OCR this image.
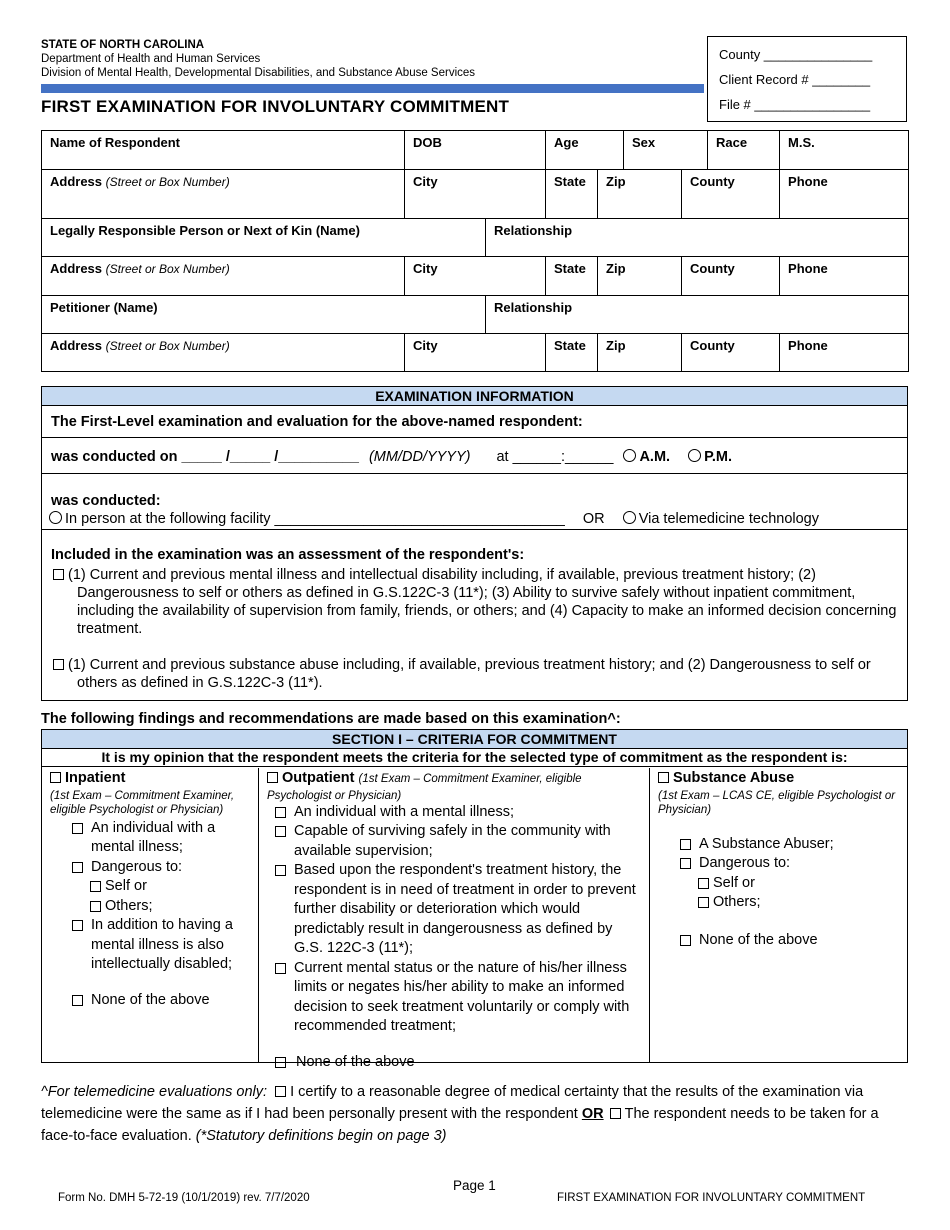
STATE OF NORTH CAROLINA
Department of Health and Human Services
Division of Mental Health, Developmental Disabilities, and Substance Abuse Services
FIRST EXAMINATION FOR INVOLUNTARY COMMITMENT
County _______________
Client Record # ________
File # ________________
Name of Respondent	DOB		Age		Sex		Race	M.S.
Address (Street or Box Number)	City		State	Zip		County		Phone
Legally Responsible Person or Next of Kin (Name)		Relationship						
Address (Street or Box Number)	City		State	Zip		County		Phone
Petitioner (Name)		Relationship						
Address (Street or Box Number)	City		State	Zip		County		Phone
EXAMINATION INFORMATION
The First-Level examination and evaluation for the above-named respondent:
was conducted on _____ /_____ /__________ (MM/DD/YYYY) at ______:______ A.M. P.M.
was conducted:
In person at the following facility ____________________________________ OR Via telemedicine technology
Included in the examination was an assessment of the respondent's:
(1) Current and previous mental illness and intellectual disability including, if available, previous treatment history; (2) Dangerousness to self or others as defined in G.S.122C-3 (11*); (3) Ability to survive safely without inpatient commitment, including the availability of supervision from family, friends, or others; and (4) Capacity to make an informed decision concerning treatment.
(1) Current and previous substance abuse including, if available, previous treatment history; and (2) Dangerousness to self or others as defined in G.S.122C-3 (11*).
The following findings and recommendations are made based on this examination^:
SECTION I – CRITERIA FOR COMMITMENT
It is my opinion that the respondent meets the criteria for the selected type of commitment as the respondent is:
Inpatient
(1st Exam – Commitment Examiner, eligible Psychologist or Physician)
An individual with a mental illness;
Dangerous to:
Self or
Others;
In addition to having a mental illness is also intellectually disabled;
None of the above
Outpatient (1st Exam – Commitment Examiner, eligible
Psychologist or Physician)
An individual with a mental illness;
Capable of surviving safely in the community with available supervision;
Based upon the respondent's treatment history, the respondent is in need of treatment in order to prevent further disability or deterioration which would predictably result in dangerousness as defined by G.S. 122C-3 (11*);
Current mental status or the nature of his/her illness limits or negates his/her ability to make an informed decision to seek treatment voluntarily or comply with recommended treatment;
None of the above
Substance Abuse
(1st Exam – LCAS CE, eligible Psychologist or Physician)
A Substance Abuser;
Dangerous to:
Self or
Others;
None of the above
^For telemedicine evaluations only: I certify to a reasonable degree of medical certainty that the results of the examination via telemedicine were the same as if I had been personally present with the respondent OR The respondent needs to be taken for a face-to-face evaluation. (*Statutory definitions begin on page 3)
Page 1
Form No. DMH 5-72-19 (10/1/2019) rev. 7/7/2020	FIRST EXAMINATION FOR INVOLUNTARY COMMITMENT
